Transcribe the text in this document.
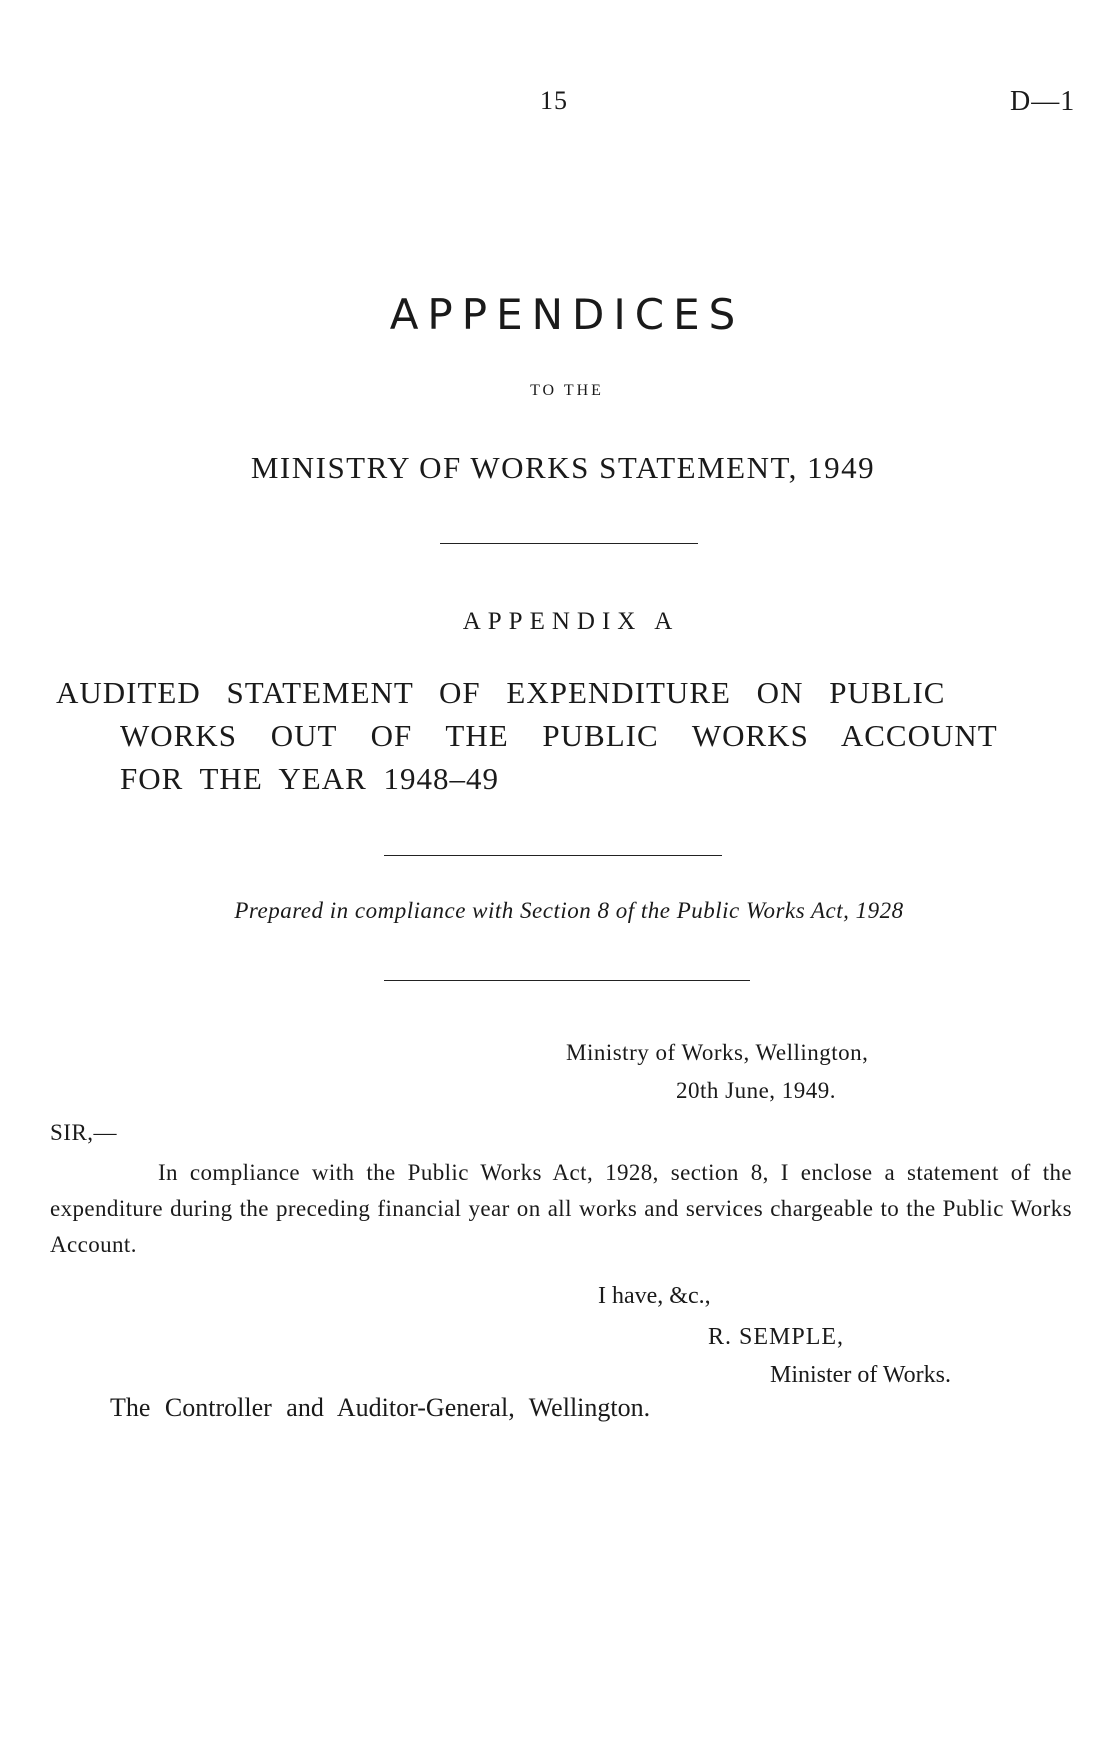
15	D—1
APPENDICES
TO THE
MINISTRY OF WORKS STATEMENT, 1949
APPENDIX A
AUDITED STATEMENT OF EXPENDITURE ON PUBLIC
WORKS OUT OF THE PUBLIC WORKS ACCOUNT
FOR THE YEAR 1948–49
Prepared in compliance with Section 8 of the Public Works Act, 1928
Ministry of Works, Wellington,
20th June, 1949.
SIR,—
In compliance with the Public Works Act, 1928, section 8, I enclose a statement of the expenditure during the preceding financial year on all works and services chargeable to the Public Works Account.
I have, &c.,
R. SEMPLE,
Minister of Works.
The Controller and Auditor-General, Wellington.
